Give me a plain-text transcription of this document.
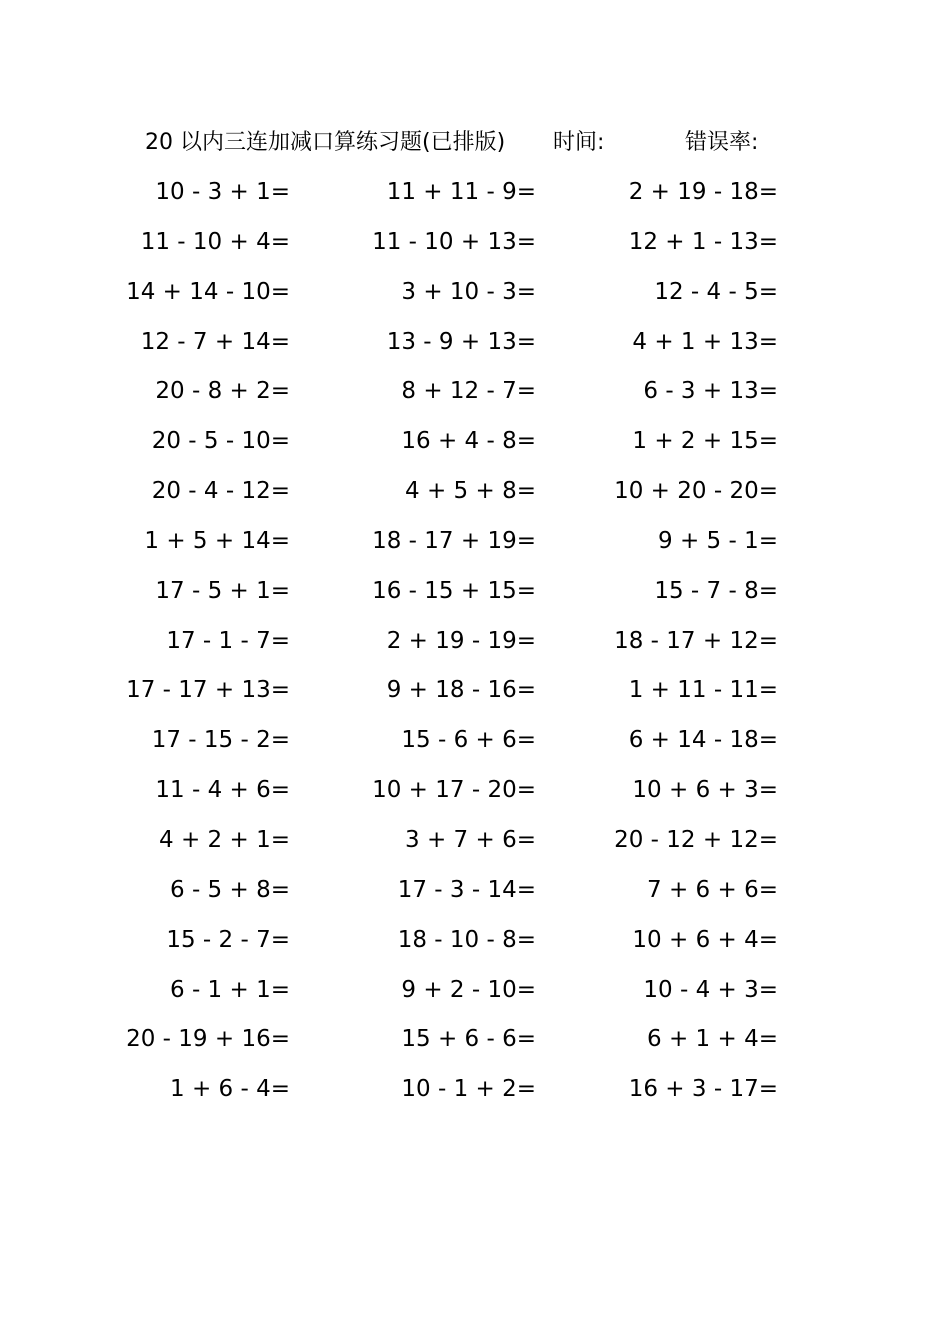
20 以内三连加减口算练习题(已排版) 时间:	错误率:
10 - 3 + 1=	11 + 11 - 9=	2 + 19 - 18=
11 - 10 + 4=	11 - 10 + 13=	12 + 1 - 13=
14 + 14 - 10=	3 + 10 - 3=	12 - 4 - 5=
12 - 7 + 14=	13 - 9 + 13=	4 + 1 + 13=
20 - 8 + 2=	8 + 12 - 7=	6 - 3 + 13=
20 - 5 - 10=	16 + 4 - 8=	1 + 2 + 15=
20 - 4 - 12=	4 + 5 + 8=	10 + 20 - 20=
1 + 5 + 14=	18 - 17 + 19=	9 + 5 - 1=
17 - 5 + 1=	16 - 15 + 15=	15 - 7 - 8=
17 - 1 - 7=	2 + 19 - 19=	18 - 17 + 12=
17 - 17 + 13=	9 + 18 - 16=	1 + 11 - 11=
17 - 15 - 2=	15 - 6 + 6=	6 + 14 - 18=
11 - 4 + 6=	10 + 17 - 20=	10 + 6 + 3=
4 + 2 + 1=	3 + 7 + 6=	20 - 12 + 12=
6 - 5 + 8=	17 - 3 - 14=	7 + 6 + 6=
15 - 2 - 7=	18 - 10 - 8=	10 + 6 + 4=
6 - 1 + 1=	9 + 2 - 10=	10 - 4 + 3=
20 - 19 + 16=	15 + 6 - 6=	6 + 1 + 4=
1 + 6 - 4=	10 - 1 + 2=	16 + 3 - 17=
